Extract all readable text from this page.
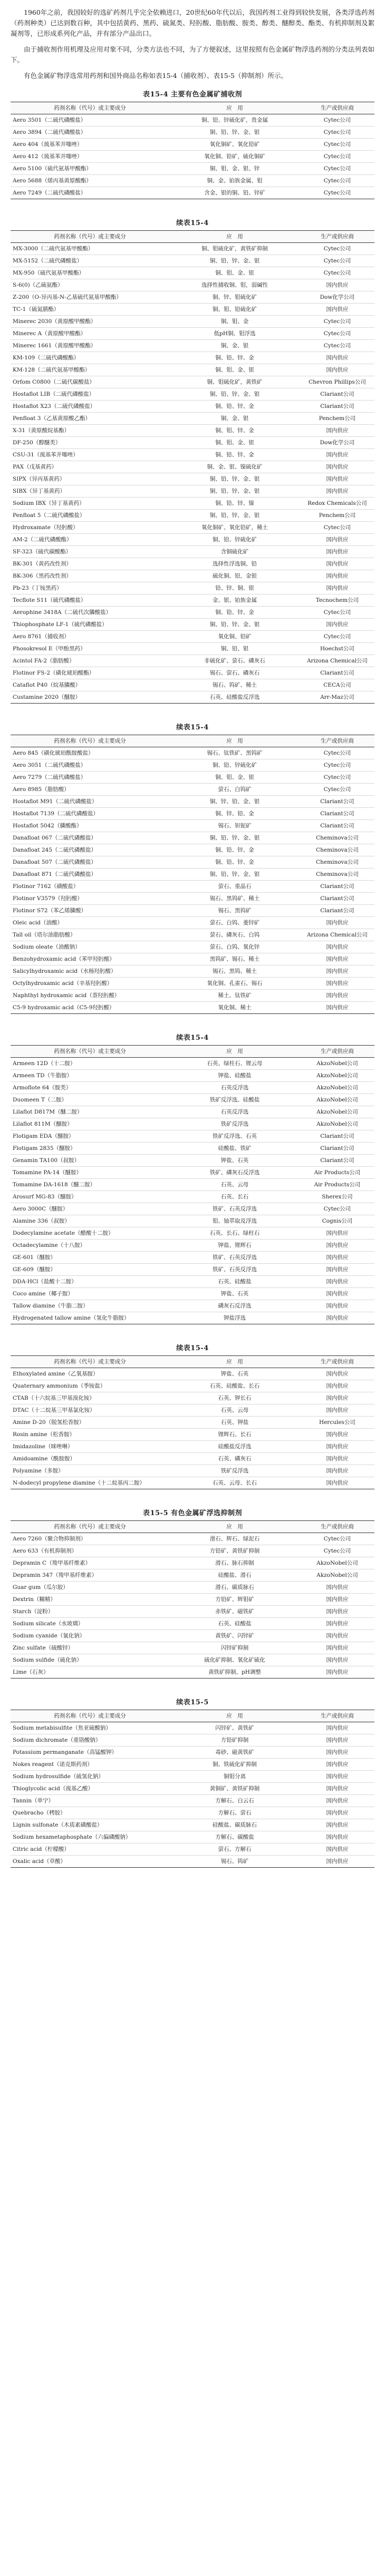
1960年之前，我国较好的选矿药剂几乎完全依赖进口，20世纪60年代以后，我国药剂工业得到较快发展，各类浮选药剂（药剂种类）已达到数百种，其中包括黄药、黑药、硫氮类、羟肟酸、脂肪酸、胺类、醇类、醚醇类、酯类、有机抑制剂及絮凝剂等，已形成系列化产品，并有部分产品出口。

由于捕收剂作用机理及应用对象不同，分类方法也不同，为了方便叙述，这里按照有色金属矿物浮选药剂的分类法列表如下。

有色金属矿物浮选常用药剂和国外商品名称如表15-4（捕收剂）、表15-5（抑制剂）所示。

表15-4 主要有色金属矿捕收剂
药剂名称（代号）或主要成分	应　用	生产或供应商
Aero 3501（二硫代磷酸盐）	铜、铅、锌硫化矿，贵金属	Cytec公司
Aero 3894（二硫代磷酸盐）	铜、铅、锌、金、银	Cytec公司
Aero 404（巯基苯并噻唑）	氧化铜矿、氧化铅矿	Cytec公司
Aero 412（巯基苯并噻唑）	氧化铜、铅矿，硫化铜矿	Cytec公司
Aero 5100（硫代氨基甲酸酯）	铜、钼、金、银、锌	Cytec公司
Aero 5688（烯丙基黄原酸酯）	铜、金、铂族金属、钼	Cytec公司
Aero 7249（二硫代磷酸盐）	含金、银的铜、铅、锌矿	Cytec公司
续表15-4
药剂名称（代号）或主要成分	应　用	生产或供应商
MX-3000（二硫代氨基甲酸酯）	铜、钼硫化矿，黄铁矿抑制	Cytec公司
MX-5152（二硫代磷酸盐）	铜、铅、锌、金、银	Cytec公司
MX-950（硫代氨基甲酸酯）	铜、钼、金、银	Cytec公司
S-6(0)（乙硫氨酯）	选择性捕收铜、钼，弱碱性	国内供应
Z-200（O-异丙基-N-乙基硫代氨基甲酸酯）	铜、锌、钼硫化矿	Dow化学公司
TC-1（硫氮腈酯）	铜、钼、铅硫化矿	国内供应
Minerec 2030（黄原酸甲酸酯）	铜、钼、金	Cytec公司
Minerec A（黄原酸甲酸酯）	低pH铜、钼浮选	Cytec公司
Minerec 1661（黄原酸甲酸酯）	铜、金、银	Cytec公司
KM-109（二硫代磷酸酯）	铜、铅、锌、金	国内供应
KM-128（二硫代氨基甲酸酯）	铜、钼、金、银	国内供应
Orfom C0800（二硫代碳酸盐）	铜、钼硫化矿，黄铁矿	Chevron Phillips公司
Hostaflot LIB（二硫代磷酸盐）	铜、铅、锌、金、银	Clariant公司
Hostaflot X23（二硫代磷酸盐）	铜、铅、锌、金	Clariant公司
Penfloat 3（乙基黄原酸乙酯）	铜、金、银	Penchem公司
X-31（黄原酸烷基酯）	铜、钼、锌、金	国内供应
DF-250（醇醚类）	铜、钼、金、银	Dow化学公司
CSU-31（巯基苯并噻唑）	铜、铅、锌、金	国内供应
PAX（戊基黄药）	铜、金、银、镍硫化矿	国内供应
SIPX（异丙基黄药）	铜、铅、锌、金、银	国内供应
SIBX（异丁基黄药）	铜、铅、锌、金、银	国内供应
Sodium IBX（异丁基黄药）	铜、铅、锌、镍	Redox Chemicals公司
Penfloat 5（二硫代磷酸盐）	铜、铅、锌、金、银	Penchem公司
Hydroxamate（羟肟酸）	氧化铜矿、氧化铅矿，稀土	Cytec公司
AM-2（二硫代磷酸酯）	铜、铅、锌硫化矿	国内供应
SF-323（硫代碳酸酯）	含铜硫化矿	国内供应
BK-301（黄药改性剂）	选择性浮选铜、铅	国内供应
BK-306（黑药改性剂）	硫化铜、铅，金银	国内供应
Pb-23（丁铵黑药）	铅、锌、铜、银	国内供应
Tecflote S11（硫代磷酸盐）	金、银、铂族金属	Tecnochem公司
Aerophine 3418A（二硫代次膦酸盐）	铜、铅、锌、金	Cytec公司
Thiophosphate LF-1（硫代磷酸盐）	铜、铅、锌、金、银	国内供应
Aero 8761（捕收剂）	氧化铜、铅矿	Cytec公司
Phosokresol E（甲酚黑药）	铜、铅、银	Hoechst公司
Acintol FA-2（脂肪酸）	非硫化矿、萤石、磷灰石	Arizona Chemical公司
Flotinor FS-2（磺化琥珀酸酯）	锡石、萤石、磷灰石	Clariant公司
Cataflot P40（烷基膦酸）	锡石、钨矿、稀土	CECA公司
Custamine 2020（醚胺）	石英、硅酸盐反浮选	Arr-Maz公司
续表15-4
药剂名称（代号）或主要成分	应　用	生产或供应商
Aero 845（磺化琥珀酰胺酸盐）	锡石、钛铁矿、黑钨矿	Cytec公司
Aero 3051（二硫代磷酸盐）	铜、铅、锌硫化矿	Cytec公司
Aero 7279（二硫代磷酸盐）	铜、钼、金、银	Cytec公司
Aero 8985（脂肪酸）	萤石、白钨矿	Cytec公司
Hostaflot M91（二硫代磷酸盐）	铜、锌、铅、金、银	Clariant公司
Hostaflot 7139（二硫代磷酸盐）	铜、锌、铅、金	Clariant公司
Hostaflot 5042（膦酸酯）	锡石、钽铌矿	Clariant公司
Danafloat 067（二硫代磷酸盐）	铜、铅、锌、金、银	Cheminova公司
Danafloat 245（二硫代磷酸盐）	铜、铅、锌、金	Cheminova公司
Danafloat 507（二硫代磷酸盐）	铜、铅、锌、金	Cheminova公司
Danafloat 871（二硫代磷酸盐）	铜、铅、锌、金、银	Cheminova公司
Flotinor 7162（磺酸盐）	萤石、重晶石	Clariant公司
Flotinor V3579（羟肟酸）	锡石、黑钨矿、稀土	Clariant公司
Flotinor S72（苯乙烯膦酸）	锡石、黑钨矿	Clariant公司
Oleic acid（油酸）	萤石、白钨、菱锌矿	国内供应
Tall oil（塔尔油脂肪酸）	萤石、磷灰石、白钨	Arizona Chemical公司
Sodium oleate（油酸钠）	萤石、白钨、氧化锌	国内供应
Benzohydroxamic acid（苯甲羟肟酸）	黑钨矿、锡石、稀土	国内供应
Salicylhydroxamic acid（水杨羟肟酸）	锡石、黑钨、稀土	国内供应
Octylhydroxamic acid（辛基羟肟酸）	氧化铜、孔雀石、锡石	国内供应
Naphthyl hydroxamic acid（萘羟肟酸）	稀土、钛铁矿	国内供应
C5-9 hydroxamic acid（C5-9羟肟酸）	氧化铜、稀土	国内供应
续表15-4
药剂名称（代号）或主要成分	应　用	生产或供应商
Armeen 12D（十二胺）	石英、绿柱石、锂云母	AkzoNobel公司
Armeen TD（牛脂胺）	钾盐、硅酸盐	AkzoNobel公司
Armoflote 64（胺类）	石英反浮选	AkzoNobel公司
Duomeen T（二胺）	铁矿反浮选、硅酸盐	AkzoNobel公司
Lilaflot D817M（醚二胺）	石英反浮选	AkzoNobel公司
Lilaflot 811M（醚胺）	铁矿反浮选	AkzoNobel公司
Flotigam EDA（醚胺）	铁矿反浮选、石英	Clariant公司
Flotigam 2835（醚胺）	硅酸盐、铁矿	Clariant公司
Genamin TA100（叔胺）	钾盐、石英	Clariant公司
Tomamine PA-14（醚胺）	铁矿、磷灰石反浮选	Air Products公司
Tomamine DA-1618（醚二胺）	石英、云母	Air Products公司
Arosurf MG-83（醚胺）	石英、长石	Sherex公司
Aero 3000C（醚胺）	铁矿、石英反浮选	Cytec公司
Alamine 336（叔胺）	钼、铀萃取及浮选	Cognis公司
Dodecylamine acetate（醋酸十二胺）	石英、长石、绿柱石	国内供应
Octadecylamine（十八胺）	钾盐、锂辉石	国内供应
GE-601（醚胺）	铁矿、石英反浮选	国内供应
GE-609（醚胺）	铁矿、石英反浮选	国内供应
DDA·HCl（盐酸十二胺）	石英、硅酸盐	国内供应
Coco amine（椰子胺）	钾盐、石英	国内供应
Tallow diamine（牛脂二胺）	磷灰石反浮选	国内供应
Hydrogenated tallow amine（氢化牛脂胺）	钾盐浮选	国内供应
续表15-4
药剂名称（代号）或主要成分	应　用	生产或供应商
Ethoxylated amine（乙氧基胺）	钾盐、石英	国内供应
Quaternary ammonium（季铵盐）	石英、硅酸盐、长石	国内供应
CTAB（十六烷基三甲基溴化铵）	石英、钾长石	国内供应
DTAC（十二烷基三甲基氯化铵）	石英、云母	国内供应
Amine D-20（脱氢松香胺）	石英、钾盐	Hercules公司
Rosin amine（松香胺）	锂辉石、长石	国内供应
Imidazoline（咪唑啉）	硅酸盐反浮选	国内供应
Amidoamine（酰胺胺）	石英、磷灰石	国内供应
Polyamine（多胺）	铁矿反浮选	国内供应
N-dodecyl propylene diamine（十二烷基丙二胺）	石英、云母、长石	国内供应
表15-5 有色金属矿浮选抑制剂
药剂名称（代号）或主要成分	应　用	生产或供应商
Aero 7260（聚合物抑制剂）	滑石、辉石、绿泥石	Cytec公司
Aero 633（有机抑制剂）	方铅矿、黄铁矿抑制	Cytec公司
Depramin C（羧甲基纤维素）	滑石、脉石抑制	AkzoNobel公司
Depramin 347（羧甲基纤维素）	硅酸盐、滑石	AkzoNobel公司
Guar gum（瓜尔胶）	滑石、碳质脉石	国内供应
Dextrin（糊精）	方铅矿、辉钼矿	国内供应
Starch（淀粉）	赤铁矿、磁铁矿	国内供应
Sodium silicate（水玻璃）	石英、硅酸盐	国内供应
Sodium cyanide（氰化钠）	黄铁矿、闪锌矿	国内供应
Zinc sulfate（硫酸锌）	闪锌矿抑制	国内供应
Sodium sulfide（硫化钠）	硫化矿抑制、氧化矿硫化	国内供应
Lime（石灰）	黄铁矿抑制、pH调整	国内供应
续表15-5
药剂名称（代号）或主要成分	应　用	生产或供应商
Sodium metabisulfite（焦亚硫酸钠）	闪锌矿、黄铁矿	国内供应
Sodium dichromate（重铬酸钠）	方铅矿抑制	国内供应
Potassium permanganate（高锰酸钾）	毒砂、磁黄铁矿	国内供应
Nokes reagent（诺克斯药剂）	铜、铁硫化矿抑制	国内供应
Sodium hydrosulfide（硫氢化钠）	铜钼分离	国内供应
Thioglycolic acid（巯基乙酸）	黄铜矿、黄铁矿抑制	国内供应
Tannin（单宁）	方解石、白云石	国内供应
Quebracho（栲胶）	方解石、萤石	国内供应
Lignin sulfonate（木质素磺酸盐）	硅酸盐、碳质脉石	国内供应
Sodium hexametaphosphate（六偏磷酸钠）	方解石、碳酸盐	国内供应
Citric acid（柠檬酸）	萤石、方解石	国内供应
Oxalic acid（草酸）	锡石、钨矿	国内供应
